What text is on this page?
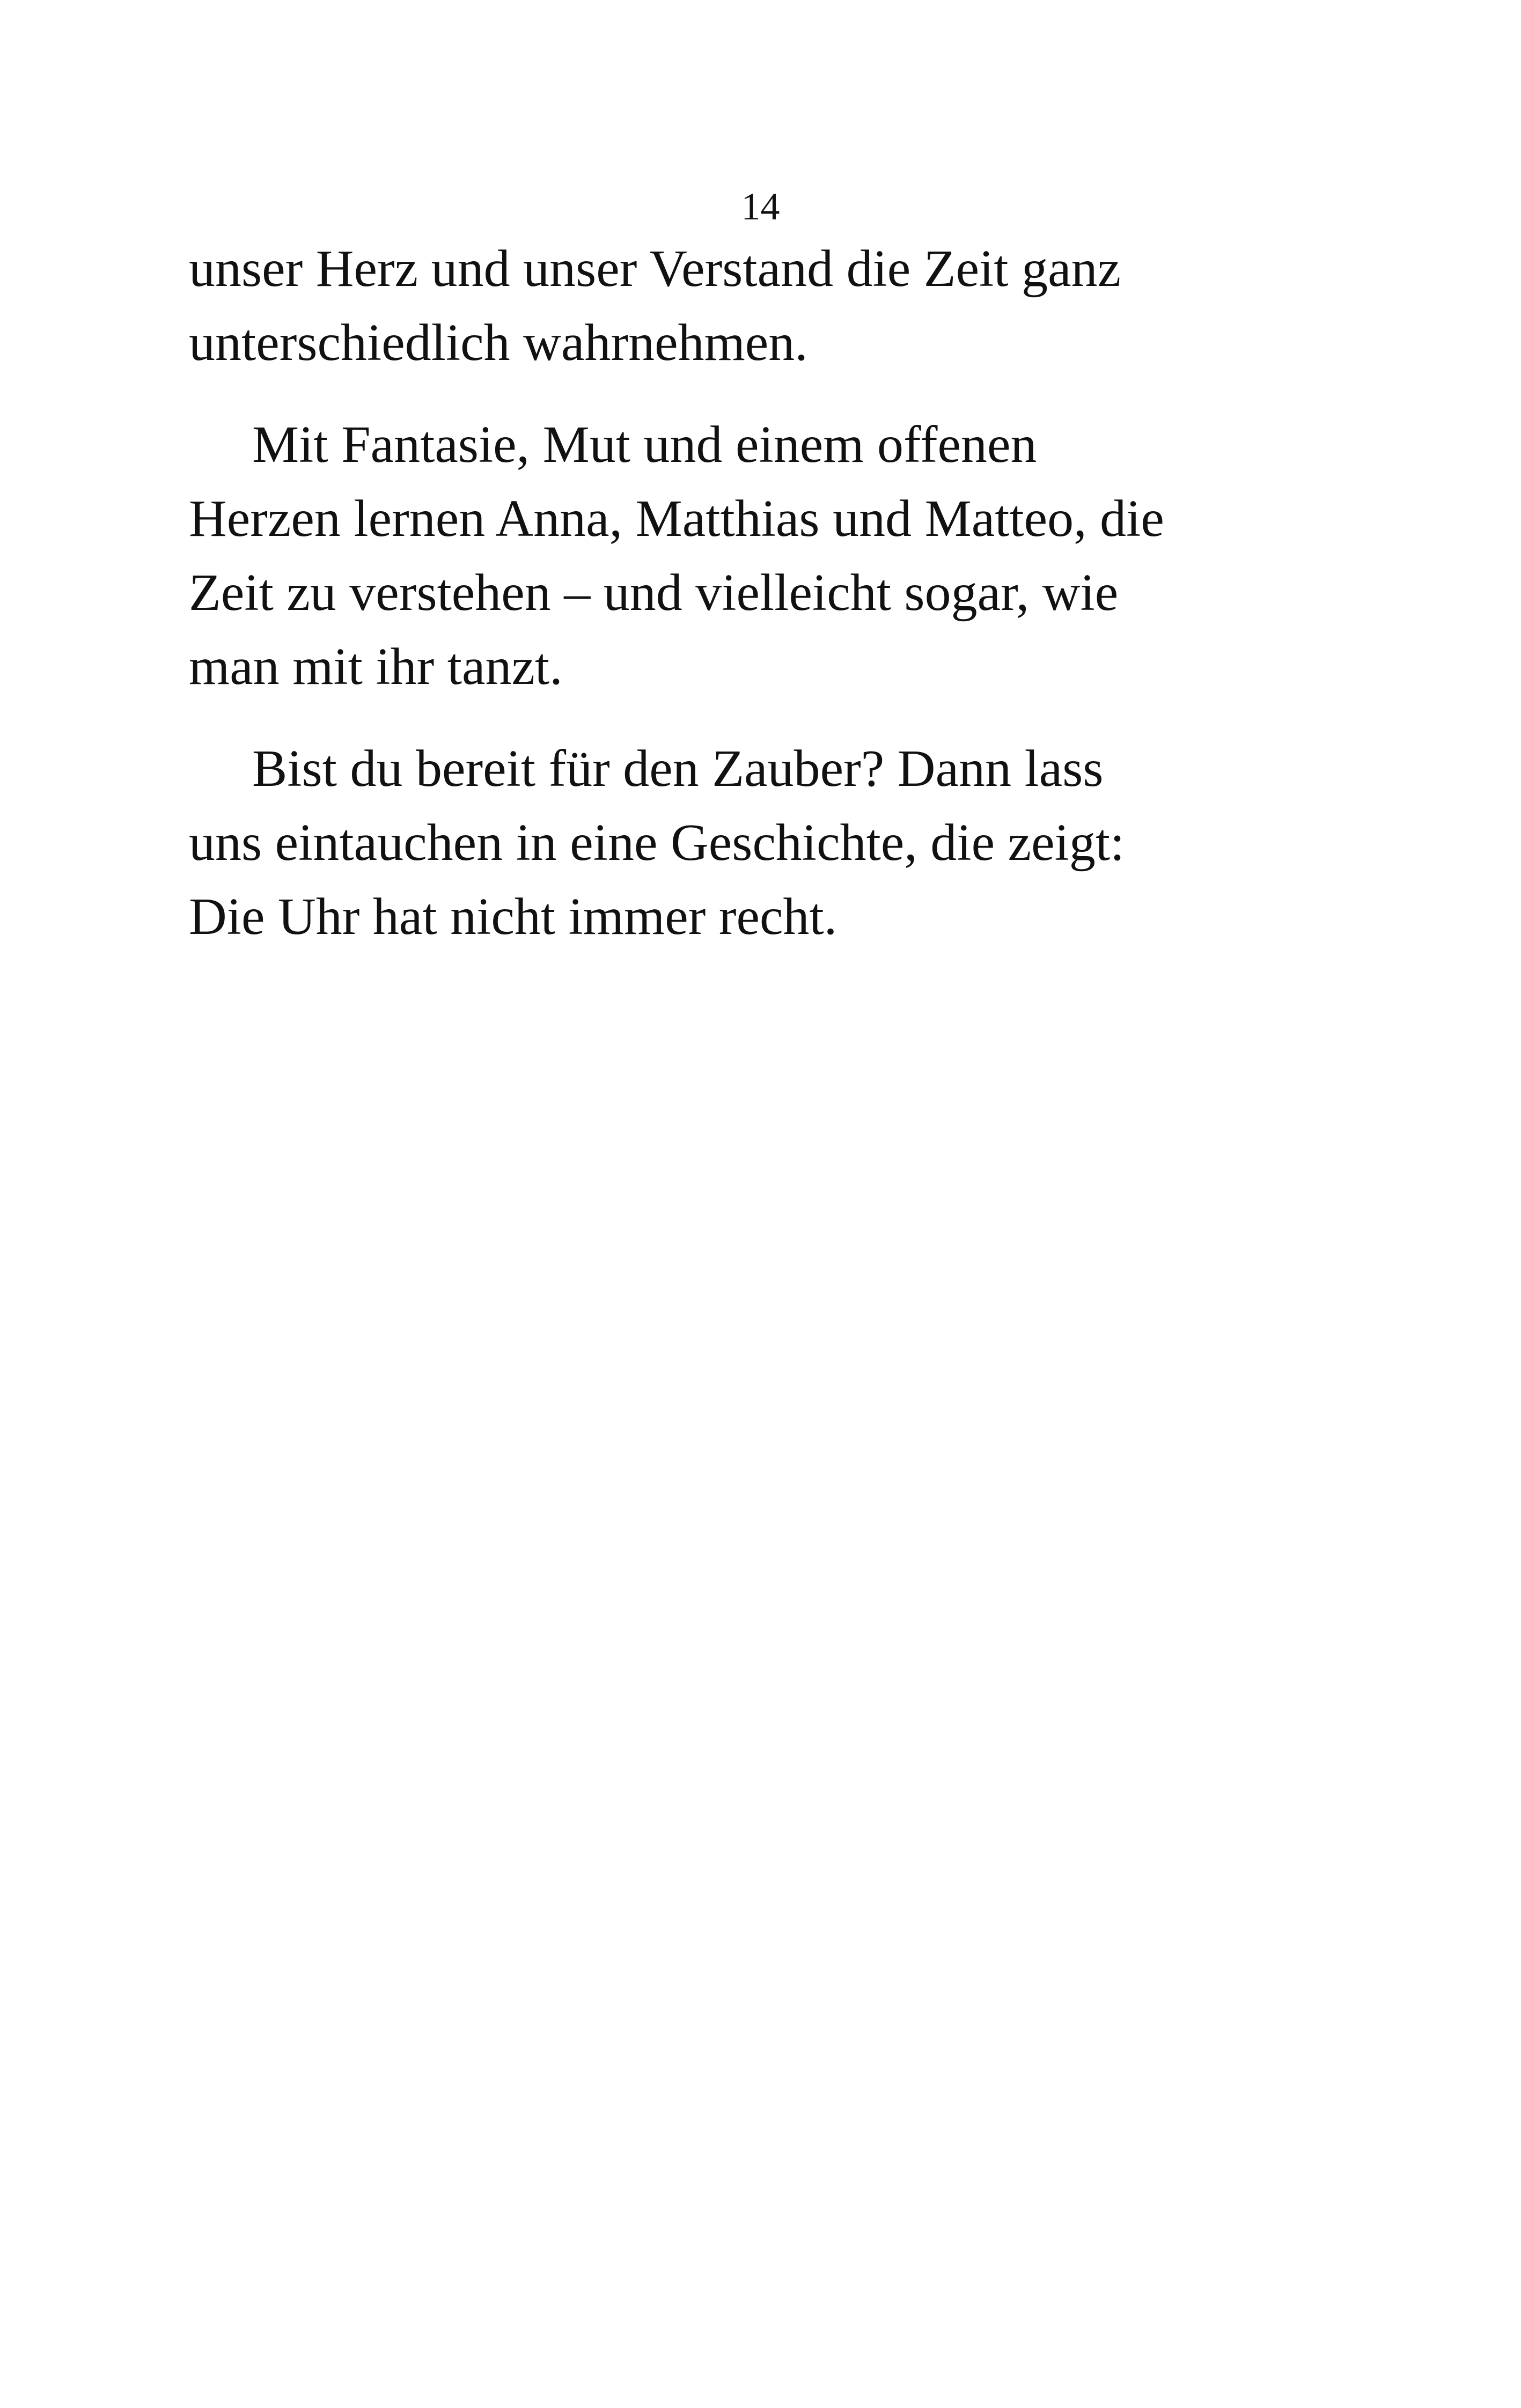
14

unser Herz und unser Verstand die Zeit ganz
unterschiedlich wahrnehmen.

Mit Fantasie, Mut und einem offenen
Herzen lernen Anna, Matthias und Matteo, die
Zeit zu verstehen – und vielleicht sogar, wie
man mit ihr tanzt.

Bist du bereit für den Zauber? Dann lass
uns eintauchen in eine Geschichte, die zeigt:
Die Uhr hat nicht immer recht.
